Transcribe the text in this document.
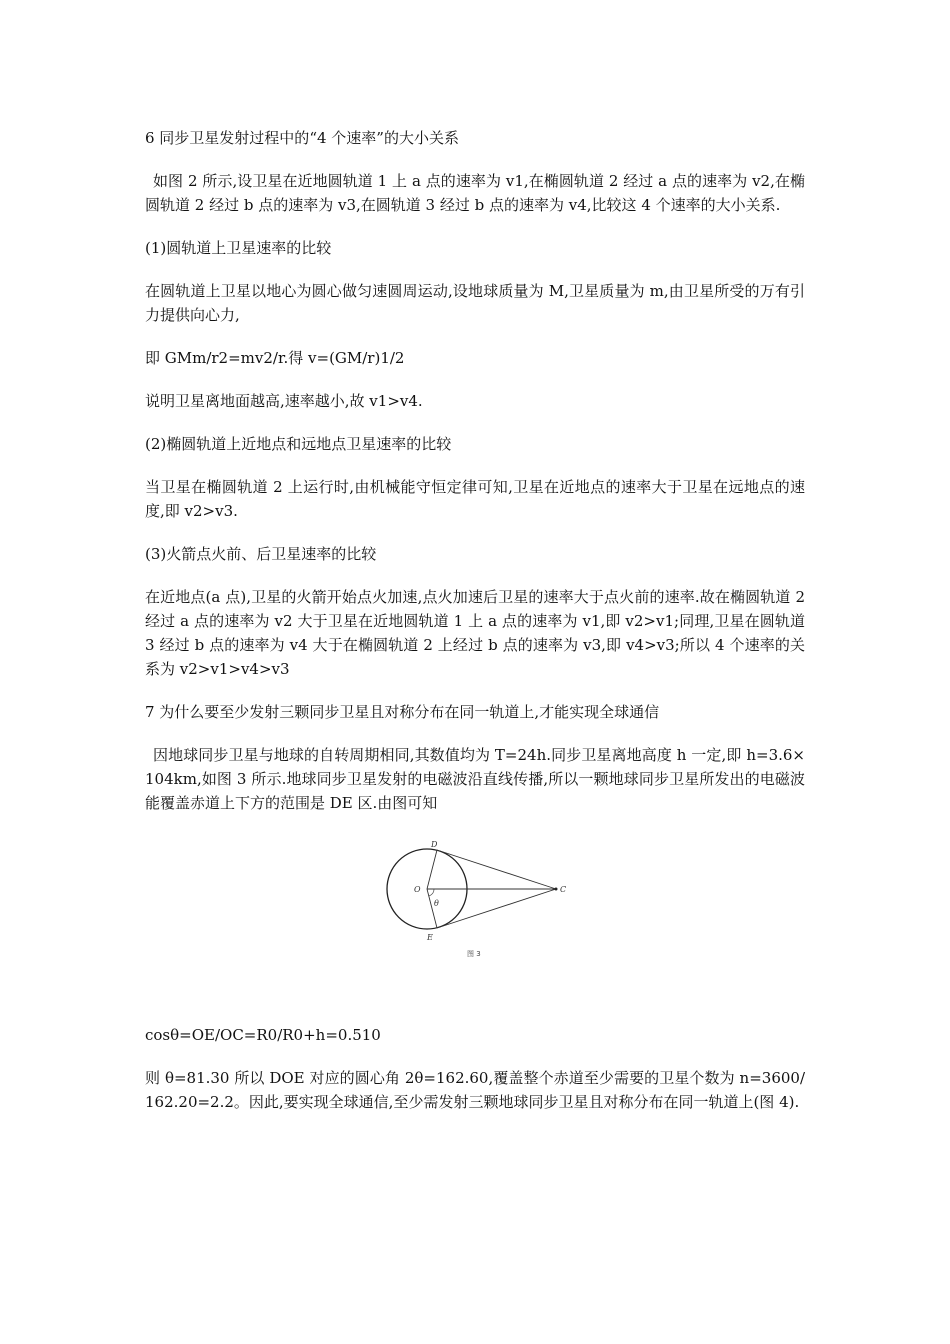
6 同步卫星发射过程中的“4 个速率”的大小关系

如图 2 所示,设卫星在近地圆轨道 1 上 a 点的速率为 v1,在椭圆轨道 2 经过 a 点的速率为 v2,在椭圆轨道 2 经过 b 点的速率为 v3,在圆轨道 3 经过 b 点的速率为 v4,比较这 4 个速率的大小关系.

(1)圆轨道上卫星速率的比较

在圆轨道上卫星以地心为圆心做匀速圆周运动,设地球质量为 M,卫星质量为 m,由卫星所受的万有引力提供向心力,

即 GMm/r2=mv2/r.得 v=(GM/r)1/2

说明卫星离地面越高,速率越小,故 v1>v4.

(2)椭圆轨道上近地点和远地点卫星速率的比较

当卫星在椭圆轨道 2 上运行时,由机械能守恒定律可知,卫星在近地点的速率大于卫星在远地点的速度,即 v2>v3.

(3)火箭点火前、后卫星速率的比较

在近地点(a 点),卫星的火箭开始点火加速,点火加速后卫星的速率大于点火前的速率.故在椭圆轨道 2 经过 a 点的速率为 v2 大于卫星在近地圆轨道 1 上 a 点的速率为 v1,即 v2>v1;同理,卫星在圆轨道 3 经过 b 点的速率为 v4 大于在椭圆轨道 2 上经过 b 点的速率为 v3,即 v4>v3;所以 4 个速率的关系为 v2>v1>v4>v3

7 为什么要至少发射三颗同步卫星且对称分布在同一轨道上,才能实现全球通信

因地球同步卫星与地球的自转周期相同,其数值均为 T=24h.同步卫星离地高度 h 一定,即 h=3.6×104km,如图 3 所示.地球同步卫星发射的电磁波沿直线传播,所以一颗地球同步卫星所发出的电磁波能覆盖赤道上下方的范围是 DE 区.由图可知

D
O
θ
E
C
图 3

cosθ=OE/OC=R0/R0+h=0.510

则 θ=81.30 所以 DOE 对应的圆心角 2θ=162.60,覆盖整个赤道至少需要的卫星个数为 n=3600/162.20=2.2。因此,要实现全球通信,至少需发射三颗地球同步卫星且对称分布在同一轨道上(图 4).
